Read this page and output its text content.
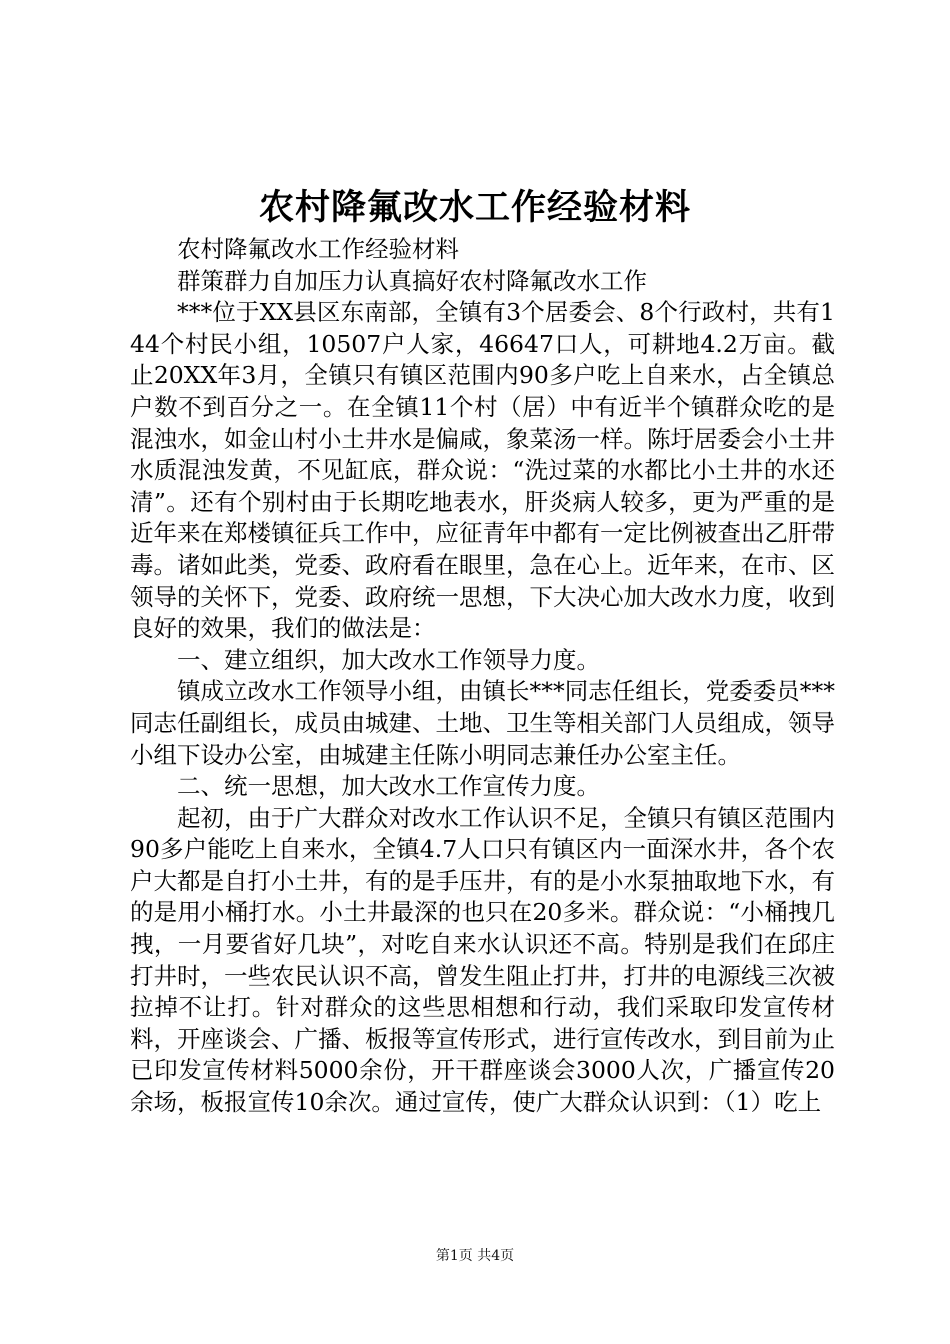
农村降氟改水工作经验材料

农村降氟改水工作经验材料

群策群力自加压力认真搞好农村降氟改水工作

***位于XX县区东南部，全镇有3个居委会、8个行政村，共有144个村民小组，10507户人家，46647口人，可耕地4.2万亩。截止20XX年3月，全镇只有镇区范围内90多户吃上自来水，占全镇总户数不到百分之一。在全镇11个村（居）中有近半个镇群众吃的是混浊水，如金山村小土井水是偏咸，象菜汤一样。陈圩居委会小土井水质混浊发黄，不见缸底，群众说：“洗过菜的水都比小土井的水还清”。还有个别村由于长期吃地表水，肝炎病人较多，更为严重的是近年来在郑楼镇征兵工作中，应征青年中都有一定比例被查出乙肝带毒。诸如此类，党委、政府看在眼里，急在心上。近年来，在市、区领导的关怀下，党委、政府统一思想，下大决心加大改水力度，收到良好的效果，我们的做法是：

一、建立组织，加大改水工作领导力度。

镇成立改水工作领导小组，由镇长***同志任组长，党委委员***同志任副组长，成员由城建、土地、卫生等相关部门人员组成，领导小组下设办公室，由城建主任陈小明同志兼任办公室主任。

二、统一思想，加大改水工作宣传力度。

起初，由于广大群众对改水工作认识不足，全镇只有镇区范围内90多户能吃上自来水，全镇4.7人口只有镇区内一面深水井，各个农户大都是自打小土井，有的是手压井，有的是小水泵抽取地下水，有的是用小桶打水。小土井最深的也只在20多米。群众说：“小桶拽几拽，一月要省好几块”，对吃自来水认识还不高。特别是我们在邱庄打井时，一些农民认识不高，曾发生阻止打井，打井的电源线三次被拉掉不让打。针对群众的这些思相想和行动，我们采取印发宣传材料，开座谈会、广播、板报等宣传形式，进行宣传改水，到目前为止已印发宣传材料5000余份，开干群座谈会3000人次，广播宣传20余场，板报宣传10余次。通过宣传，使广大群众认识到：（1）吃上

第1页 共4页
